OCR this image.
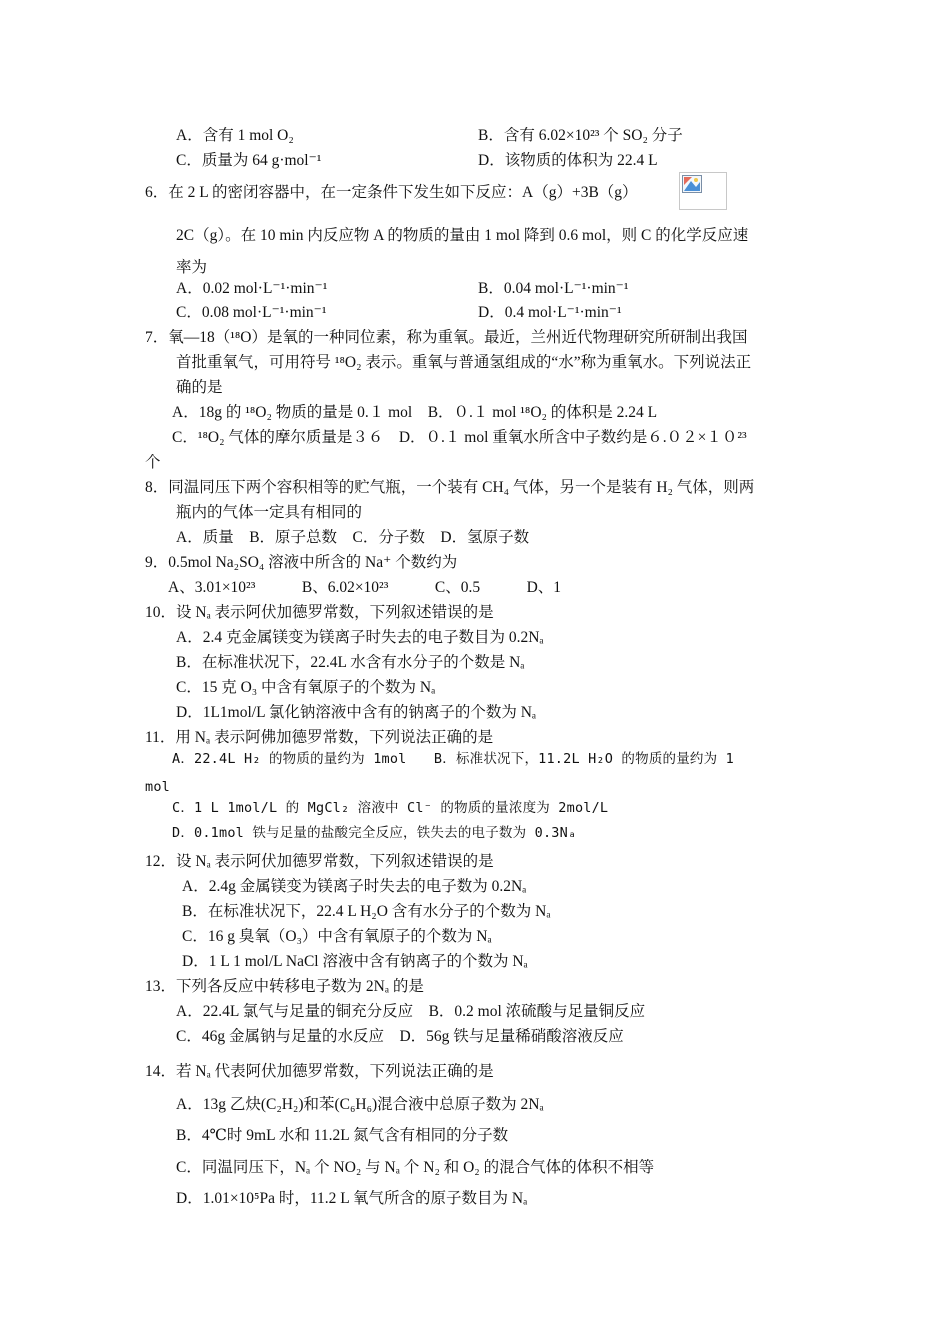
A．含有 1 mol O₂	B．含有 6.02×10²³ 个 SO₂ 分子
C．质量为 64 g·mol⁻¹	D．该物质的体积为 22.4 L
6．在 2 L 的密闭容器中，在一定条件下发生如下反应：A（g）+3B（g）
2C（g）。在 10 min 内反应物 A 的物质的量由 1 mol 降到 0.6 mol，则 C 的化学反应速
率为
A．0.02 mol·L⁻¹·min⁻¹	B．0.04 mol·L⁻¹·min⁻¹
C．0.08 mol·L⁻¹·min⁻¹	D．0.4 mol·L⁻¹·min⁻¹
7．氧—18（¹⁸O）是氧的一种同位素，称为重氧。最近，兰州近代物理研究所研制出我国
首批重氧气，可用符号 ¹⁸O₂ 表示。重氧与普通氢组成的“水”称为重氧水。下列说法正
确的是
A．18g 的 ¹⁸O₂ 物质的量是 0.１ mol　B．０.１ mol ¹⁸O₂ 的体积是 2.24 L
C．¹⁸O₂ 气体的摩尔质量是３６　D．０.１ mol 重氧水所含中子数约是６.０２×１０²³
个
8．同温同压下两个容积相等的贮气瓶，一个装有 CH₄ 气体，另一个是装有 H₂ 气体，则两
瓶内的气体一定具有相同的
A．质量　B．原子总数　C．分子数　D．氢原子数
9．0.5mol Na₂SO₄ 溶液中所含的 Na⁺ 个数约为
A、3.01×10²³　　　B、6.02×10²³　　　C、0.5　　　D、1
10．设 Nₐ 表示阿伏加德罗常数，下列叙述错误的是
A．2.4 克金属镁变为镁离子时失去的电子数目为 0.2Nₐ
B．在标准状况下，22.4L 水含有水分子的个数是 Nₐ
C．15 克 O₃ 中含有氧原子的个数为 Nₐ
D．1L1mol/L 氯化钠溶液中含有的钠离子的个数为 Nₐ
11．用 Nₐ 表示阿佛加德罗常数，下列说法正确的是
A．22.4L H₂ 的物质的量约为 1mol　　B．标准状况下，11.2L H₂O 的物质的量约为 1
mol
C．1 L 1mol/L 的 MgCl₂ 溶液中 Cl⁻ 的物质的量浓度为 2mol/L
D．0.1mol 铁与足量的盐酸完全反应，铁失去的电子数为 0.3Nₐ
12．设 Nₐ 表示阿伏加德罗常数，下列叙述错误的是
A．2.4g 金属镁变为镁离子时失去的电子数为 0.2Nₐ
B．在标准状况下，22.4 L H₂O 含有水分子的个数为 Nₐ
C．16 g 臭氧（O₃）中含有氧原子的个数为 Nₐ
D．1 L 1 mol/L NaCl 溶液中含有钠离子的个数为 Nₐ
13．下列各反应中转移电子数为 2Nₐ 的是
A．22.4L 氯气与足量的铜充分反应　B．0.2 mol 浓硫酸与足量铜反应
C．46g 金属钠与足量的水反应　D．56g 铁与足量稀硝酸溶液反应
14．若 Nₐ 代表阿伏加德罗常数，下列说法正确的是
A．13g 乙炔(C₂H₂)和苯(C₆H₆)混合液中总原子数为 2Nₐ
B．4℃时 9mL 水和 11.2L 氮气含有相同的分子数
C．同温同压下，Nₐ 个 NO₂ 与 Nₐ 个 N₂ 和 O₂ 的混合气体的体积不相等
D．1.01×10⁵Pa 时，11.2 L 氧气所含的原子数目为 Nₐ
